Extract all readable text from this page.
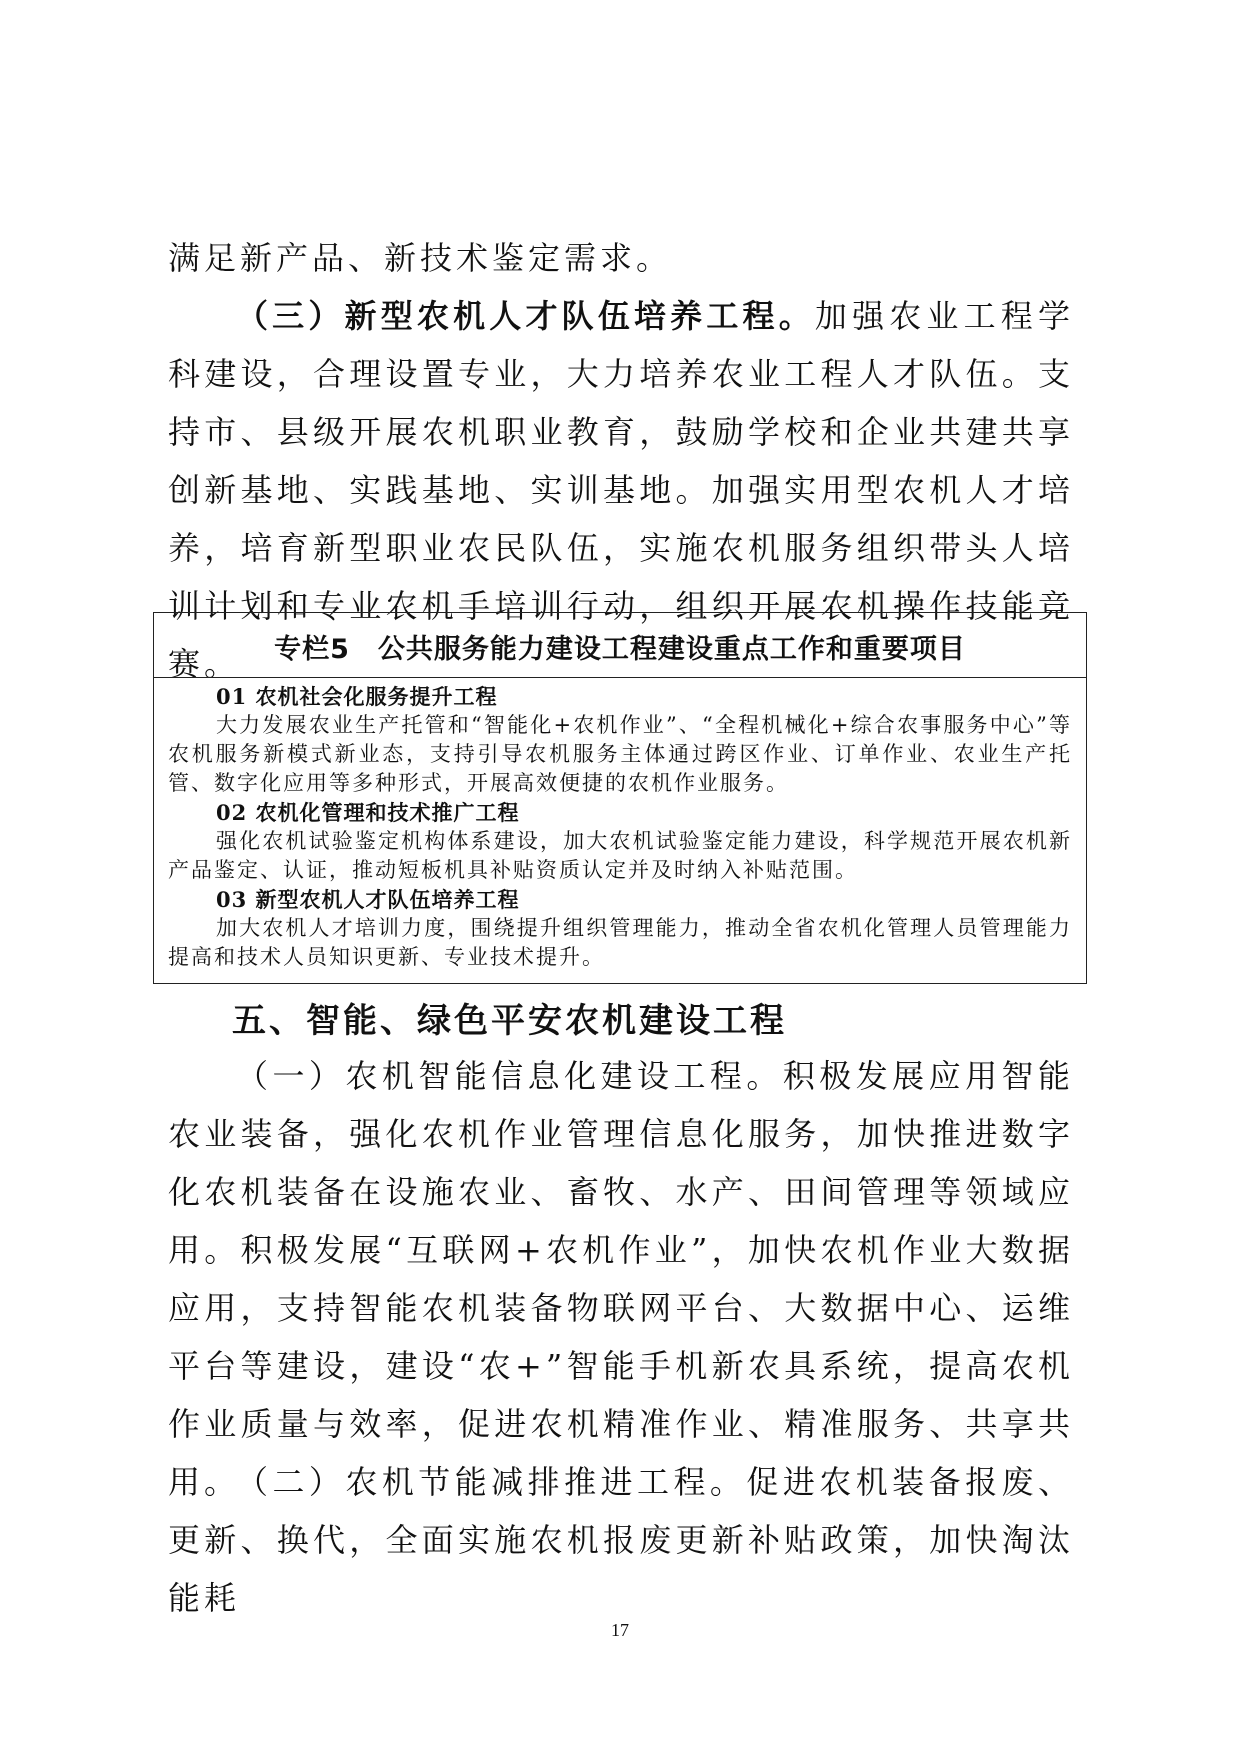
满足新产品、新技术鉴定需求。

（三）新型农机人才队伍培养工程。加强农业工程学科建设，合理设置专业，大力培养农业工程人才队伍。支持市、县级开展农机职业教育，鼓励学校和企业共建共享创新基地、实践基地、实训基地。加强实用型农机人才培养，培育新型职业农民队伍，实施农机服务组织带头人培训计划和专业农机手培训行动，组织开展农机操作技能竞赛。	专栏5　公共服务能力建设工程建设重点工作和重要项目
01 农机社会化服务提升工程

大力发展农业生产托管和“智能化+农机作业”、“全程机械化+综合农事服务中心”等农机服务新模式新业态，支持引导农机服务主体通过跨区作业、订单作业、农业生产托管、数字化应用等多种形式，开展高效便捷的农机作业服务。

02 农机化管理和技术推广工程

强化农机试验鉴定机构体系建设，加大农机试验鉴定能力建设，科学规范开展农机新产品鉴定、认证，推动短板机具补贴资质认定并及时纳入补贴范围。

03 新型农机人才队伍培养工程

加大农机人才培训力度，围绕提升组织管理能力，推动全省农机化管理人员管理能力提高和技术人员知识更新、专业技术提升。

五、智能、绿色平安农机建设工程

（一）农机智能信息化建设工程。积极发展应用智能农业装备，强化农机作业管理信息化服务，加快推进数字化农机装备在设施农业、畜牧、水产、田间管理等领域应用。积极发展“互联网+农机作业”，加快农机作业大数据应用，支持智能农机装备物联网平台、大数据中心、运维平台等建设，建设“农+”智能手机新农具系统，提高农机作业质量与效率，促进农机精准作业、精准服务、共享共用。

（二）农机节能减排推进工程。促进农机装备报废、更新、换代，全面实施农机报废更新补贴政策，加快淘汰能耗

17
